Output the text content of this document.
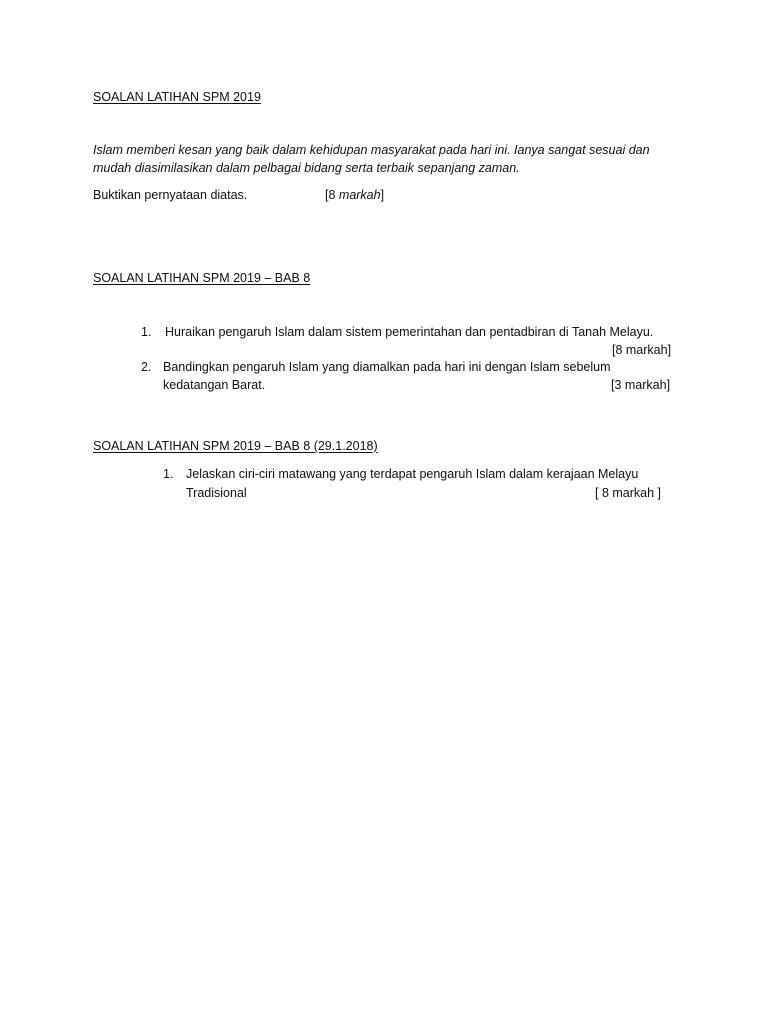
SOALAN LATIHAN SPM 2019
Islam memberi kesan yang baik dalam kehidupan masyarakat pada hari ini. Ianya sangat sesuai dan
mudah diasimilasikan dalam pelbagai bidang serta terbaik sepanjang zaman.
Buktikan pernyataan diatas.	[8 markah]
SOALAN LATIHAN SPM 2019 – BAB 8
1. Huraikan pengaruh Islam dalam sistem pemerintahan dan pentadbiran di Tanah Melayu.
[8 markah]
2. Bandingkan pengaruh Islam yang diamalkan pada hari ini dengan Islam sebelum
kedatangan Barat.	[3 markah]
SOALAN LATIHAN SPM 2019 – BAB 8 (29.1.2018)
1. Jelaskan ciri-ciri matawang yang terdapat pengaruh Islam dalam kerajaan Melayu
Tradisional	[ 8 markah ]
